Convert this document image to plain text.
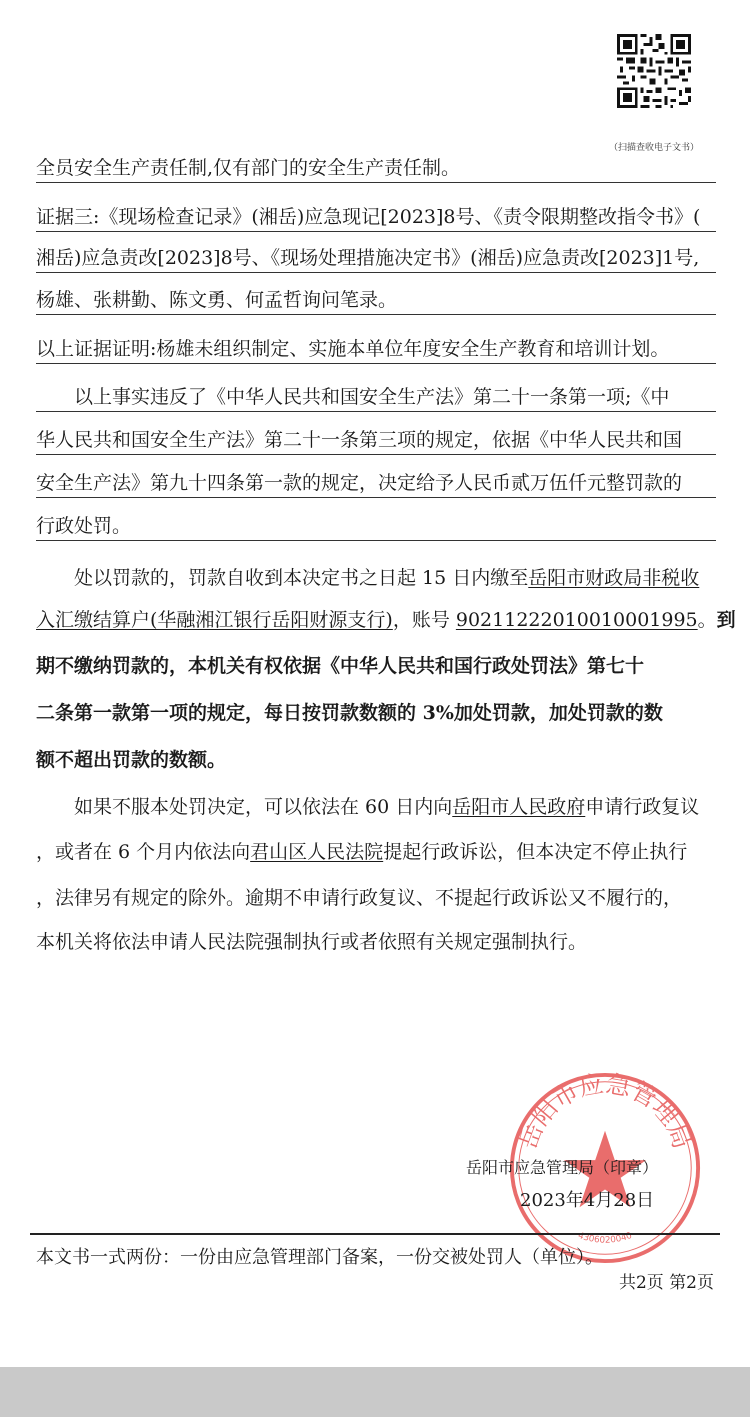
（扫描查收电子文书）
全员安全生产责任制,仅有部门的安全生产责任制。
证据三:《现场检查记录》(湘岳)应急现记[2023]8号、《责令限期整改指令书》(
湘岳)应急责改[2023]8号、《现场处理措施决定书》(湘岳)应急责改[2023]1号,
杨雄、张耕勤、陈文勇、何孟哲询问笔录。
以上证据证明:杨雄未组织制定、实施本单位年度安全生产教育和培训计划。
以上事实违反了《中华人民共和国安全生产法》第二十一条第一项;《中
华人民共和国安全生产法》第二十一条第三项的规定，依据《中华人民共和国
安全生产法》第九十四条第一款的规定，决定给予人民币贰万伍仟元整罚款的
行政处罚。
处以罚款的，罚款自收到本决定书之日起 15 日内缴至岳阳市财政局非税收
入汇缴结算户(华融湘江银行岳阳财源支行)，账号 90211222010010001995。到
期不缴纳罚款的，本机关有权依据《中华人民共和国行政处罚法》第七十
二条第一款第一项的规定，每日按罚款数额的 3%加处罚款，加处罚款的数
额不超出罚款的数额。
如果不服本处罚决定，可以依法在 60 日内向岳阳市人民政府申请行政复议
，或者在 6 个月内依法向君山区人民法院提起行政诉讼，但本决定不停止执行
，法律另有规定的除外。逾期不申请行政复议、不提起行政诉讼又不履行的，
本机关将依法申请人民法院强制执行或者依照有关规定强制执行。
岳阳市应急管理局
4306020040
岳阳市应急管理局（印章）
2023年4月28日
本文书一式两份：一份由应急管理部门备案，一份交被处罚人（单位）。
共2页 第2页
